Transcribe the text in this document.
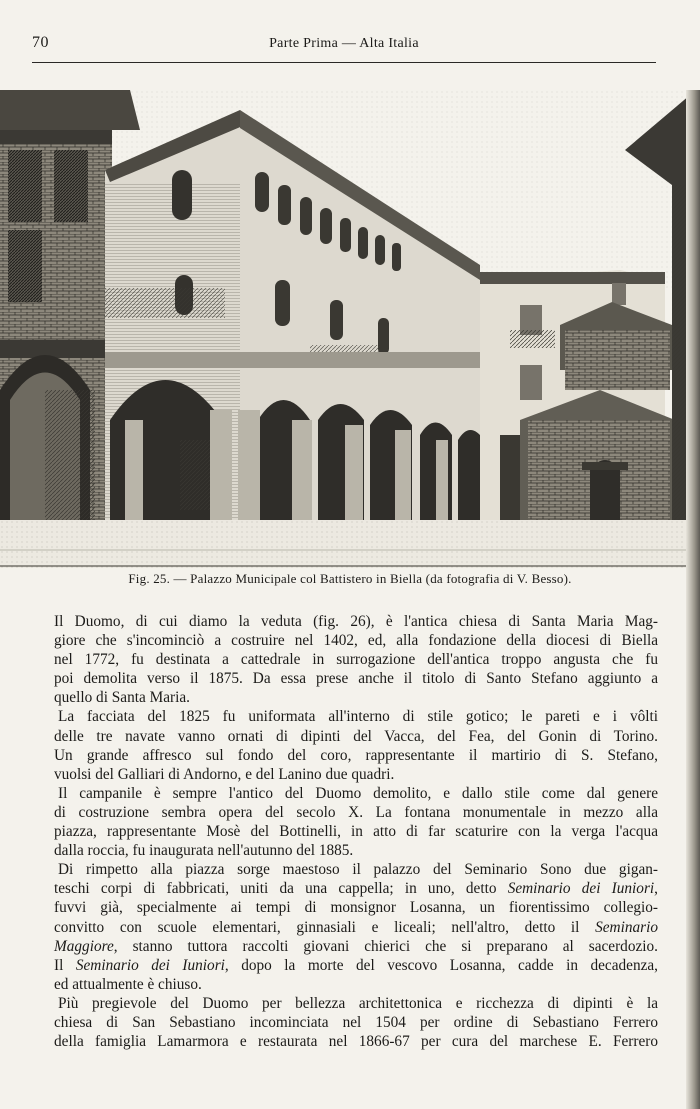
70	Parte Prima — Alta Italia
Fig. 25. — Palazzo Municipale col Battistero in Biella (da fotografia di V. Besso).

Il Duomo, di cui diamo la veduta (fig. 26), è l'antica chiesa di Santa Maria Mag-
giore che s'incominciò a costruire nel 1402, ed, alla fondazione della diocesi di Biella
nel 1772, fu destinata a cattedrale in surrogazione dell'antica troppo angusta che fu
poi demolita verso il 1875. Da essa prese anche il titolo di Santo Stefano aggiunto a
quello di Santa Maria.

La facciata del 1825 fu uniformata all'interno di stile gotico; le pareti e i vôlti
delle tre navate vanno ornati di dipinti del Vacca, del Fea, del Gonin di Torino.
Un grande affresco sul fondo del coro, rappresentante il martirio di S. Stefano,
vuolsi del Galliari di Andorno, e del Lanino due quadri.

Il campanile è sempre l'antico del Duomo demolito, e dallo stile come dal genere
di costruzione sembra opera del secolo X. La fontana monumentale in mezzo alla
piazza, rappresentante Mosè del Bottinelli, in atto di far scaturire con la verga l'acqua
dalla roccia, fu inaugurata nell'autunno del 1885.

Di rimpetto alla piazza sorge maestoso il palazzo del Seminario Sono due gigan-
teschi corpi di fabbricati, uniti da una cappella; in uno, detto Seminario dei Iuniori,
fuvvi già, specialmente ai tempi di monsignor Losanna, un fiorentissimo collegio-
convitto con scuole elementari, ginnasiali e liceali; nell'altro, detto il Seminario
Maggiore, stanno tuttora raccolti giovani chierici che si preparano al sacerdozio.
Il Seminario dei Iuniori, dopo la morte del vescovo Losanna, cadde in decadenza,
ed attualmente è chiuso.

Più pregievole del Duomo per bellezza architettonica e ricchezza di dipinti è la
chiesa di San Sebastiano incominciata nel 1504 per ordine di Sebastiano Ferrero
della famiglia Lamarmora e restaurata nel 1866-67 per cura del marchese E. Ferrero
